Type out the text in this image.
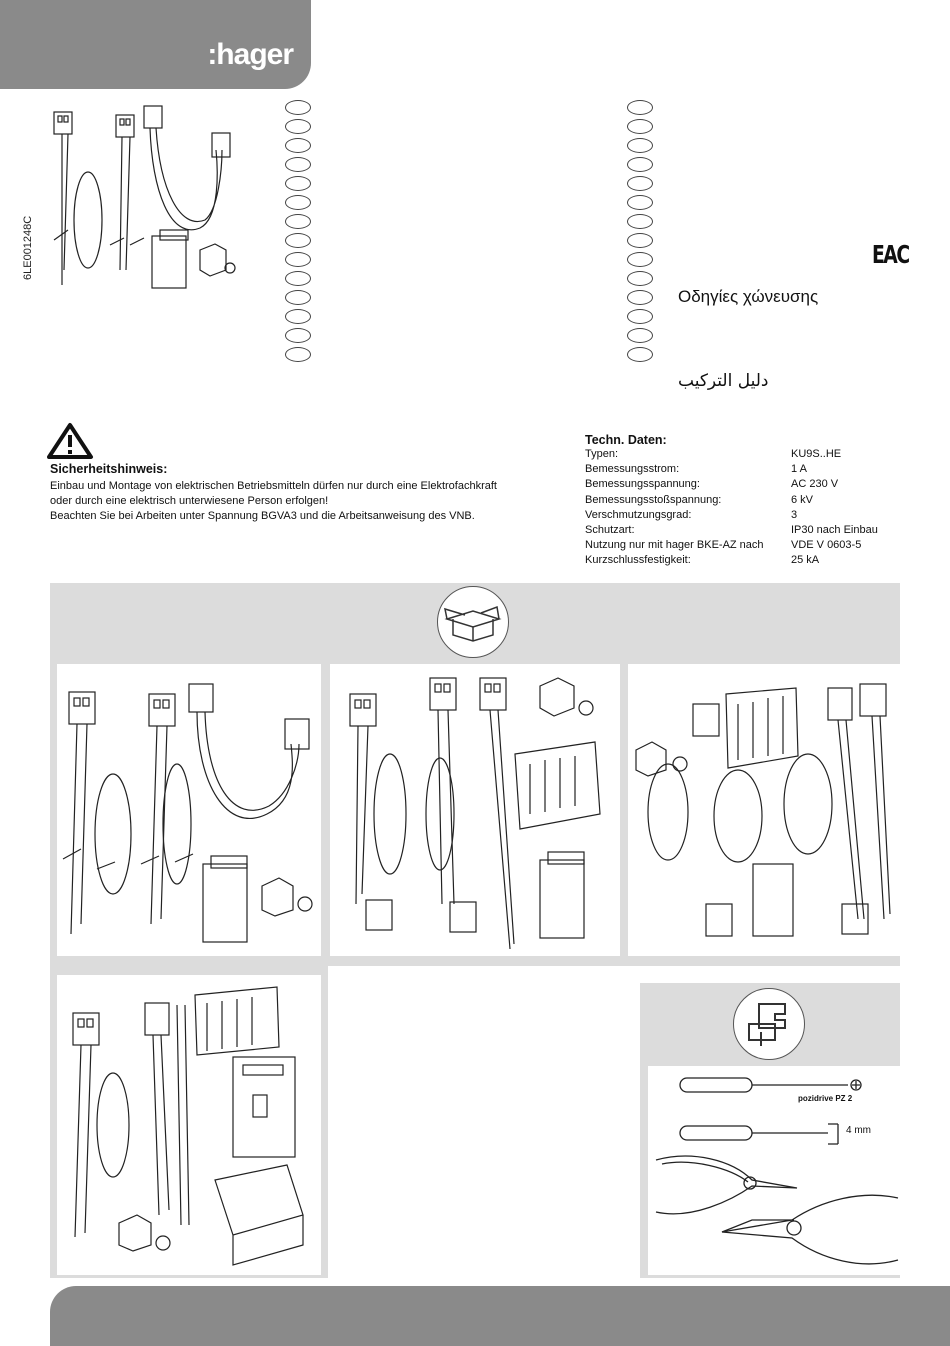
:hager
6LE001248C
Οδηγίες χώνευσης
دليل التركيب
EAC
Sicherheitshinweis:
Einbau und Montage von elektrischen Betriebsmitteln dürfen nur durch eine Elektrofachkraft
oder durch eine elektrisch unterwiesene Person erfolgen!
Beachten Sie bei Arbeiten unter Spannung BGVA3 und die Arbeitsanweisung des VNB.
Techn. Daten:
Typen:	KU9S..HE
Bemessungsstrom:	1 A
Bemessungsspannung:	AC 230 V
Bemessungsstoßspannung:	6 kV
Verschmutzungsgrad:	3
Schutzart:	IP30 nach Einbau
Nutzung nur mit hager BKE-AZ nach	VDE V 0603-5
Kurzschlussfestigkeit:	25 kA
pozidrive PZ 2
4 mm
